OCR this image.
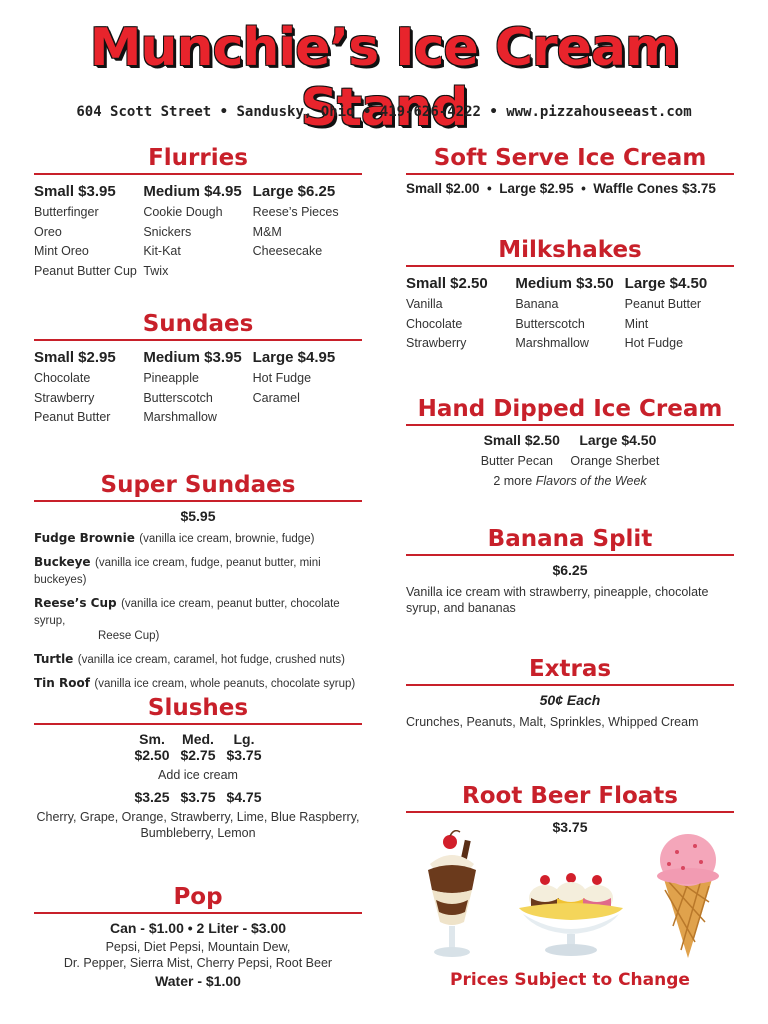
Munchie’s Ice Cream Stand
604 Scott Street • Sandusky, Ohio • 419-626-4222 • www.pizzahouseeast.com
Flurries
Small $3.95
Butterfinger
Oreo
Mint Oreo
Peanut Butter Cup
Medium $4.95
Cookie Dough
Snickers
Kit-Kat
Twix
Large $6.25
Reese’s Pieces
M&M
Cheesecake
Sundaes
Small $2.95
Chocolate
Strawberry
Peanut Butter
Medium $3.95
Pineapple
Butterscotch
Marshmallow
Large $4.95
Hot Fudge
Caramel
Super Sundaes
$5.95
Fudge Brownie (vanilla ice cream, brownie, fudge)
Buckeye (vanilla ice cream, fudge, peanut butter, mini buckeyes)
Reese’s Cup (vanilla ice cream, peanut butter, chocolate syrup,
Reese Cup)
Turtle (vanilla ice cream, caramel, hot fudge, crushed nuts)
Tin Roof (vanilla ice cream, whole peanuts, chocolate syrup)
Slushes
Sm.	Med.	Lg.
$2.50 $2.75 $3.75
Add ice cream
$3.25 $3.75 $4.75
Cherry, Grape, Orange, Strawberry, Lime, Blue Raspberry,
Bumbleberry, Lemon
Pop
Can - $1.00 • 2 Liter - $3.00
Pepsi, Diet Pepsi, Mountain Dew,
Dr. Pepper, Sierra Mist, Cherry Pepsi, Root Beer
Water - $1.00
Soft Serve Ice Cream
Small $2.00  •  Large $2.95  •  Waffle Cones $3.75
Milkshakes
Small $2.50
Vanilla
Chocolate
Strawberry
Medium $3.50
Banana
Butterscotch
Marshmallow
Large $4.50
Peanut Butter
Mint
Hot Fudge
Hand Dipped Ice Cream
Small $2.50 Large $4.50
Butter Pecan Orange Sherbet
2 more Flavors of the Week
Banana Split
$6.25
Vanilla ice cream with strawberry, pineapple, chocolate
syrup, and bananas
Extras
50¢ Each
Crunches, Peanuts, Malt, Sprinkles, Whipped Cream
Root Beer Floats
$3.75
Prices Subject to Change
